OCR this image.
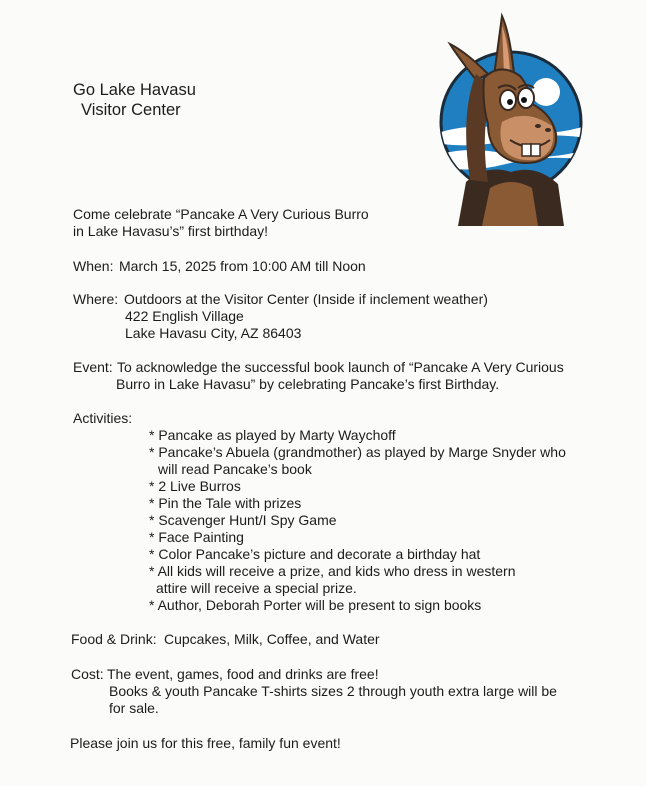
Go Lake Havasu
Visitor Center
Come celebrate “Pancake A Very Curious Burro
in Lake Havasu’s” first birthday!
When: March 15, 2025 from 10:00 AM till Noon
Where: Outdoors at the Visitor Center (Inside if inclement weather)
422 English Village
Lake Havasu City, AZ 86403
Event: To acknowledge the successful book launch of “Pancake A Very Curious
Burro in Lake Havasu” by celebrating Pancake’s first Birthday.
Activities:
* Pancake as played by Marty Waychoff
* Pancake’s Abuela (grandmother) as played by Marge Snyder who
will read Pancake’s book
* 2 Live Burros
* Pin the Tale with prizes
* Scavenger Hunt/I Spy Game
* Face Painting
* Color Pancake’s picture and decorate a birthday hat
* All kids will receive a prize, and kids who dress in western
attire will receive a special prize.
* Author, Deborah Porter will be present to sign books
Food & Drink: Cupcakes, Milk, Coffee, and Water
Cost: The event, games, food and drinks are free!
Books & youth Pancake T-shirts sizes 2 through youth extra large will be
for sale.
Please join us for this free, family fun event!
